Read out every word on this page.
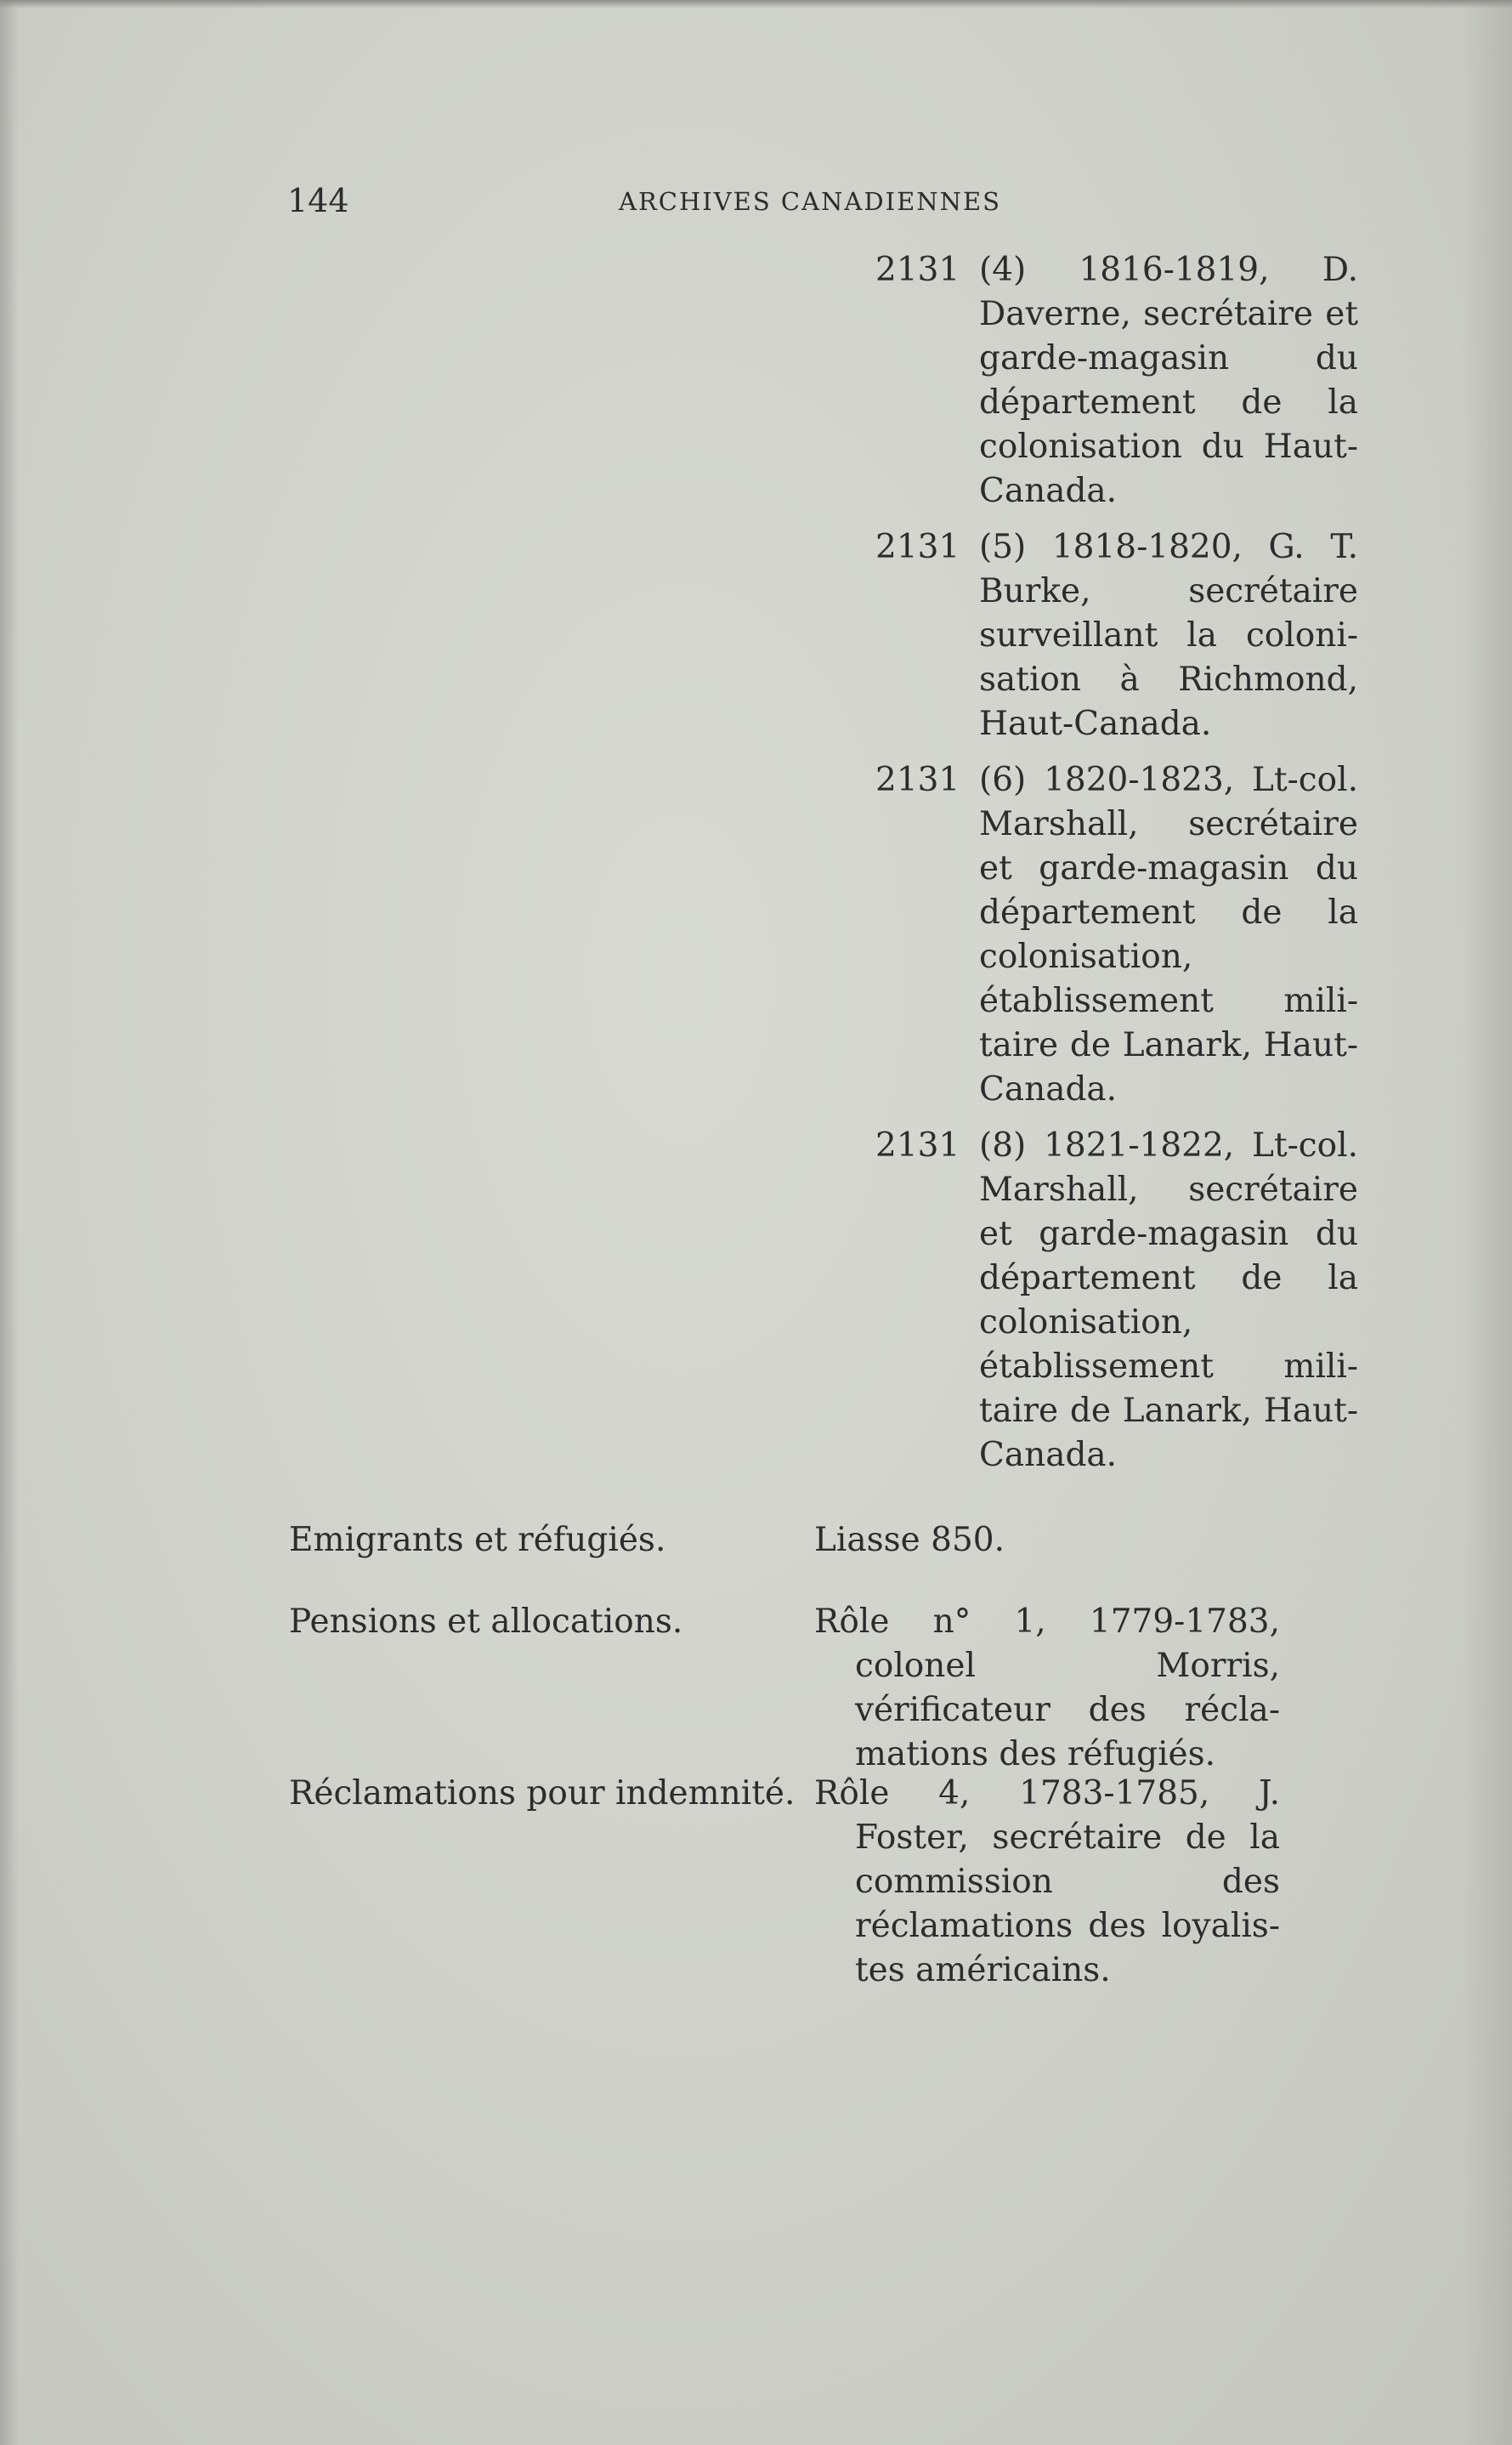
144	ARCHIVES CANADIENNES
2131 (4) 1816-1819, D. Daverne, secrétaire et garde-magasin du département de la colonisation du Haut-Canada.
2131 (5) 1818-1820, G. T. Burke, secrétaire surveillant la colonisation à Richmond, Haut-Canada.
2131 (6) 1820-1823, Lt-col. Marshall, secrétaire et garde-magasin du département de la colonisation, établissement militaire de Lanark, Haut-Canada.
2131 (8) 1821-1822, Lt-col. Marshall, secrétaire et garde-magasin du département de la colonisation, établissement militaire de Lanark, Haut-Canada.
Emigrants et réfugiés.	Liasse 850.
Pensions et allocations.	Rôle n° 1, 1779-1783, colonel Morris, vérificateur des réclamations des réfugiés.
Réclamations pour indemnité. Rôle 4, 1783-1785, J. Foster, secrétaire de la commission des réclamations des loyalistes américains.
